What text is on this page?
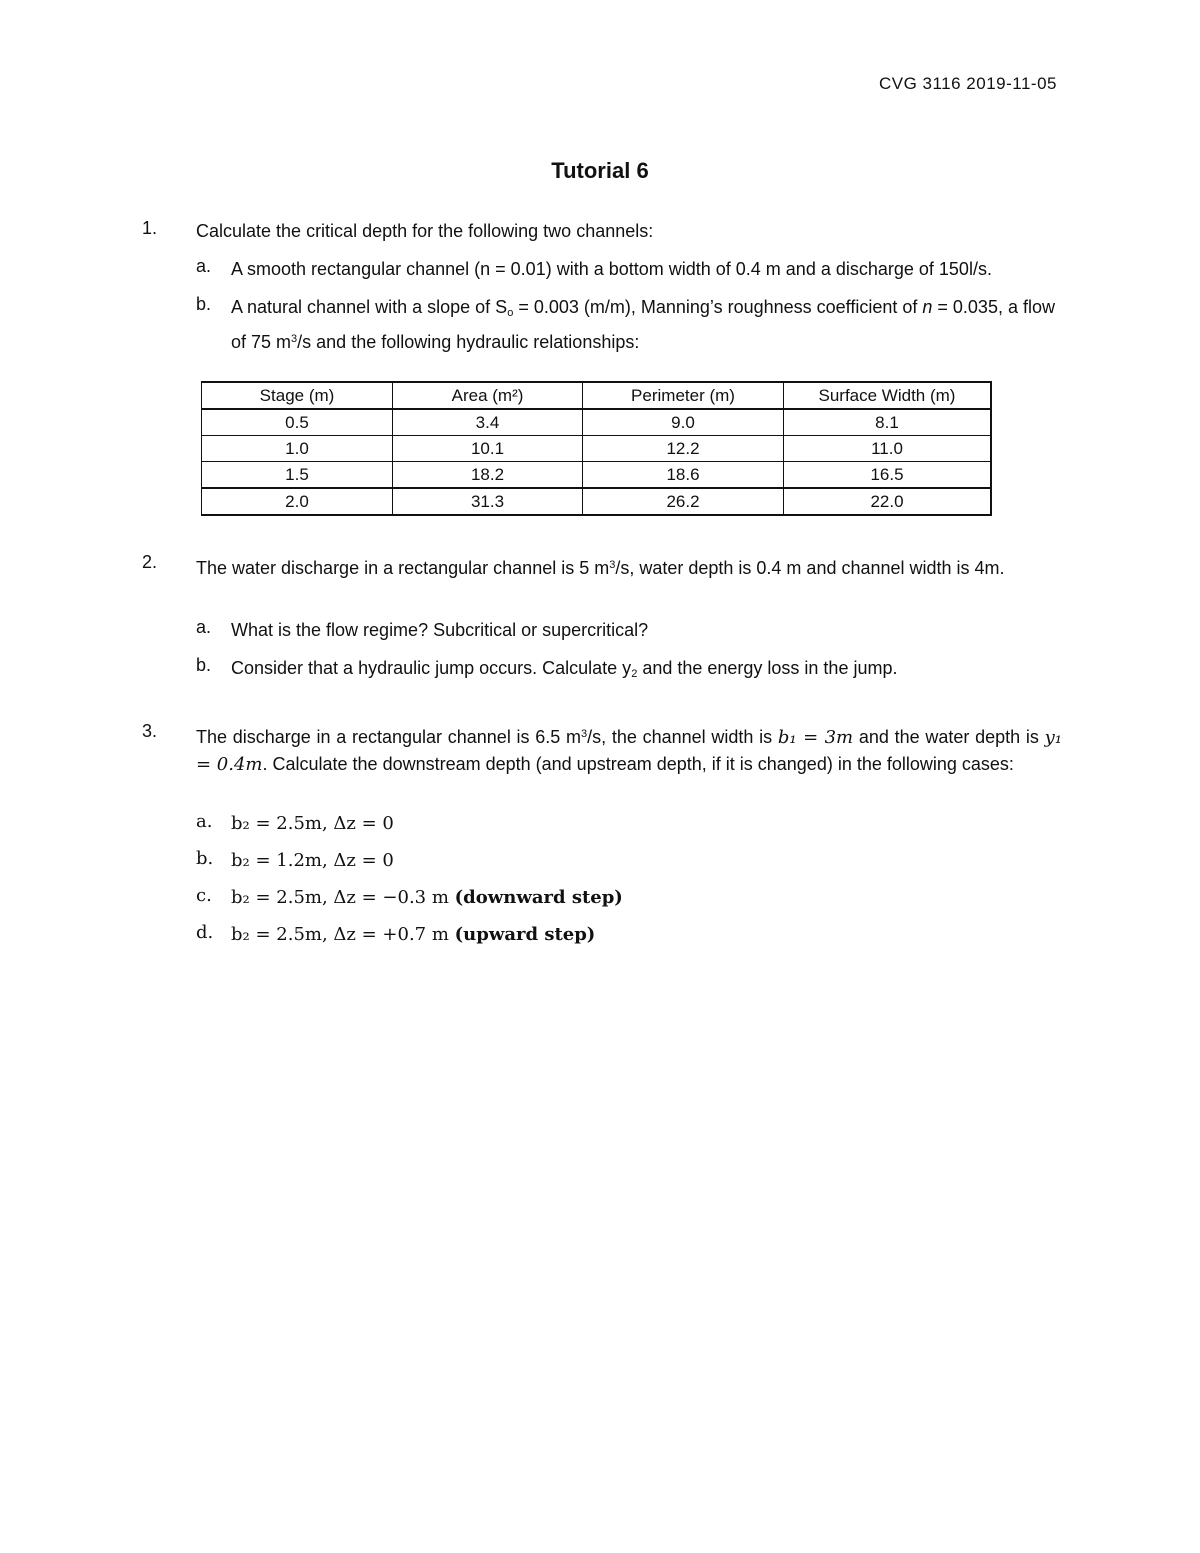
CVG 3116 2019-11-05
Tutorial 6
1. Calculate the critical depth for the following two channels:
a. A smooth rectangular channel (n = 0.01) with a bottom width of 0.4 m and a discharge of 150l/s.
b. A natural channel with a slope of $S_o = 0.003$ (m/m), Manning’s roughness coefficient of n = 0.035, a flow of 75 $m^3/s$ and the following hydraulic relationships:
Stage (m)	Area (m²)	Perimeter (m)	Surface Width (m)
0.5	3.4	9.0	8.1
1.0	10.1	12.2	11.0
1.5	18.2	18.6	16.5
2.0	31.3	26.2	22.0
2. The water discharge in a rectangular channel is 5 $m^3/s$, water depth is 0.4 m and channel width is 4m.
a. What is the flow regime? Subcritical or supercritical?
b. Consider that a hydraulic jump occurs. Calculate $y_2$ and the energy loss in the jump.
3. The discharge in a rectangular channel is 6.5 $m^3/s$, the channel width is b₁ = 3m and the water depth is y₁ = 0.4m. Calculate the downstream depth (and upstream depth, if it is changed) in the following cases:
a. b₂ = 2.5m, Δz = 0
b. b₂ = 1.2m, Δz = 0
c. b₂ = 2.5m, Δz = −0.3 m (downward step)
d. b₂ = 2.5m, Δz = +0.7 m (upward step)
